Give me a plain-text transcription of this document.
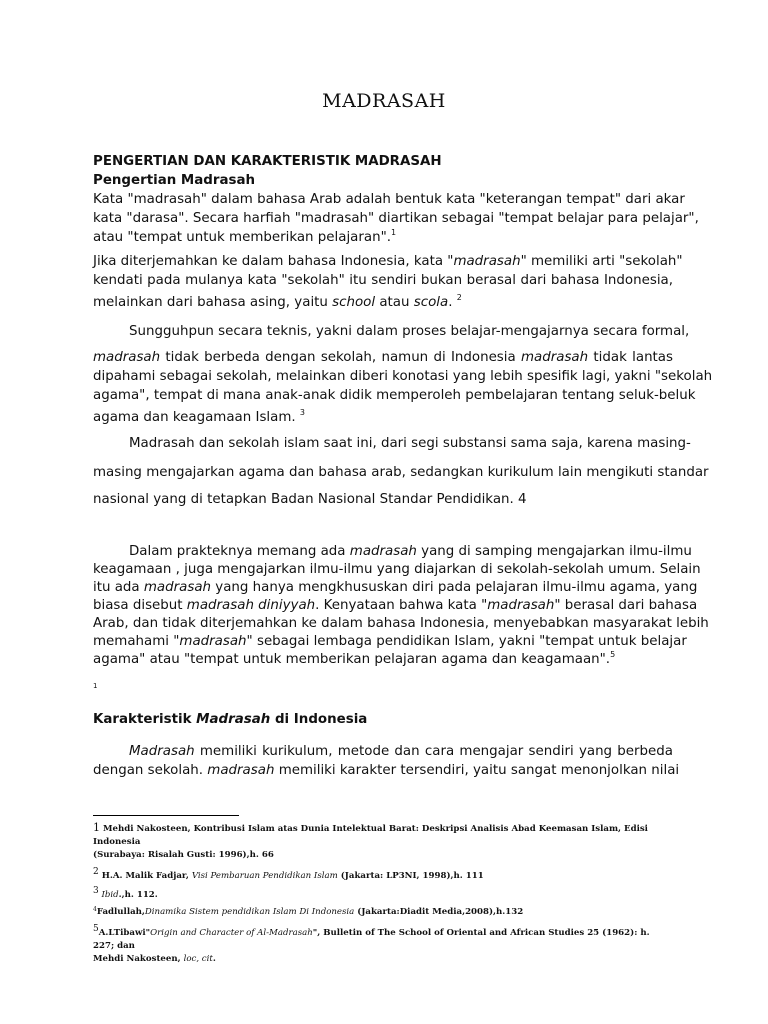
MADRASAH
PENGERTIAN DAN KARAKTERISTIK MADRASAH
Pengertian Madrasah
Kata "madrasah" dalam bahasa Arab adalah bentuk kata "keterangan tempat" dari akar
kata "darasa". Secara harfiah "madrasah" diartikan sebagai "tempat belajar para pelajar",
atau "tempat untuk memberikan pelajaran".$^1$
Jika diterjemahkan ke dalam bahasa Indonesia, kata "madrasah" memiliki arti "sekolah"
kendati pada mulanya kata "sekolah" itu sendiri bukan berasal dari bahasa Indonesia,
melainkan dari bahasa asing, yaitu school atau scola. $^2$
Sungguhpun secara teknis, yakni dalam proses belajar-mengajarnya secara formal,
madrasah tidak berbeda dengan sekolah, namun di Indonesia madrasah tidak lantas
dipahami sebagai sekolah, melainkan diberi konotasi yang lebih spesifik lagi, yakni "sekolah
agama", tempat di mana anak-anak didik memperoleh pembelajaran tentang seluk-beluk
agama dan keagamaan Islam. $^3$
Madrasah dan sekolah islam saat ini, dari segi substansi sama saja, karena masing-
masing mengajarkan agama dan bahasa arab, sedangkan kurikulum lain mengikuti standar
nasional yang di tetapkan Badan Nasional Standar Pendidikan. 4
Dalam prakteknya memang ada madrasah yang di samping mengajarkan ilmu-ilmu
keagamaan , juga mengajarkan ilmu-ilmu yang diajarkan di sekolah-sekolah umum. Selain
itu ada madrasah yang hanya mengkhususkan diri pada pelajaran ilmu-ilmu agama, yang
biasa disebut madrasah diniyyah. Kenyataan bahwa kata "madrasah" berasal dari bahasa
Arab, dan tidak diterjemahkan ke dalam bahasa Indonesia, menyebabkan masyarakat lebih
memahami "madrasah" sebagai lembaga pendidikan Islam, yakni "tempat untuk belajar
agama" atau "tempat untuk memberikan pelajaran agama dan keagamaan".$^5$
1
Karakteristik Madrasah di Indonesia
Madrasah memiliki kurikulum, metode dan cara mengajar sendiri yang berbeda
dengan sekolah. madrasah memiliki karakter tersendiri, yaitu sangat menonjolkan nilai
1 Mehdi Nakosteen, Kontribusi Islam atas Dunia Intelektual Barat: Deskripsi Analisis Abad Keemasan Islam, Edisi Indonesia
(Surabaya: Risalah Gusti: 1996),h. 66
2 H.A. Malik Fadjar, Visi Pembaruan Pendidikan Islam (Jakarta: LP3NI, 1998),h. 111
3 Ibid.,h. 112.
$^4$Fadlullah,Dinamika Sistem pendidikan Islam Di Indonesia (Jakarta:Diadit Media,2008),h.132
5A.LTibawi"Origin and Character of Al-Madrasah", Bulletin of The School of Oriental and African Studies 25 (1962): h. 227; dan
Mehdi Nakosteen, loc, cit.
